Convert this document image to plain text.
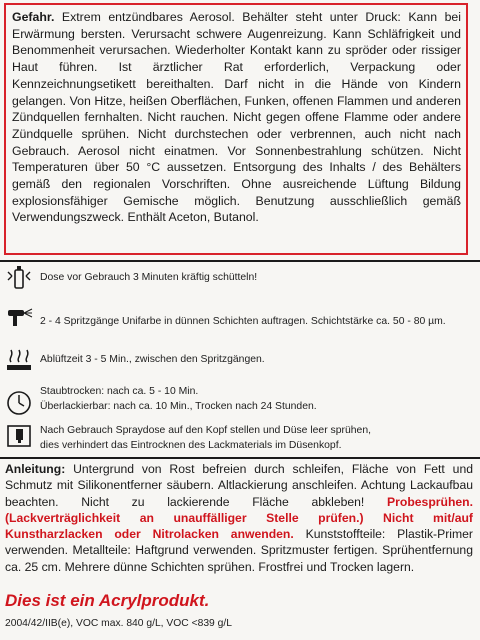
Gefahr. Extrem entzündbares Aerosol. Behälter steht unter Druck: Kann bei Erwärmung bersten. Verursacht schwere Augenreizung. Kann Schläfrigkeit und Benommenheit verursachen. Wiederholter Kontakt kann zu spröder oder rissiger Haut führen. Ist ärztlicher Rat erforderlich, Verpackung oder Kennzeichnungsetikett bereithalten. Darf nicht in die Hände von Kindern gelangen. Von Hitze, heißen Oberflächen, Funken, offenen Flammen und anderen Zündquellen fernhalten. Nicht rauchen. Nicht gegen offene Flamme oder andere Zündquelle sprühen. Nicht durchstechen oder verbrennen, auch nicht nach Gebrauch. Aerosol nicht einatmen. Vor Sonnenbestrahlung schützen. Nicht Temperaturen über 50 °C aussetzen. Entsorgung des Inhalts / des Behälters gemäß den regionalen Vorschriften. Ohne ausreichende Lüftung Bildung explosionsfähiger Gemische möglich. Benutzung ausschließlich gemäß Verwendungszweck. Enthält Aceton, Butanol.
Dose vor Gebrauch 3 Minuten kräftig schütteln!
2 - 4 Spritzgänge Unifarbe in dünnen Schichten auftragen. Schichtstärke ca. 50 - 80 µm.
Ablüftzeit 3 - 5 Min., zwischen den Spritzgängen.
Staubtrocken: nach ca. 5 - 10 Min.
Überlackierbar: nach ca. 10 Min., Trocken nach 24 Stunden.
Nach Gebrauch Spraydose auf den Kopf stellen und Düse leer sprühen,
dies verhindert das Eintrocknen des Lackmaterials im Düsenkopf.
Anleitung: Untergrund von Rost befreien durch schleifen, Fläche von Fett und Schmutz mit Silikonentferner säubern. Altlackierung anschleifen. Achtung Lackaufbau beachten. Nicht zu lackierende Fläche abkleben! Probesprühen. (Lackverträglichkeit an unauffälliger Stelle prüfen.) Nicht mit/auf Kunstharzlacken oder Nitrolacken anwenden. Kunststoffteile: Plastik-Primer verwenden. Metallteile: Haftgrund verwenden. Spritzmuster fertigen. Sprühentfernung ca. 25 cm. Mehrere dünne Schichten sprühen. Frostfrei und Trocken lagern.
Dies ist ein Acrylprodukt.
2004/42/IIB(e), VOC max. 840 g/L, VOC <839 g/L
